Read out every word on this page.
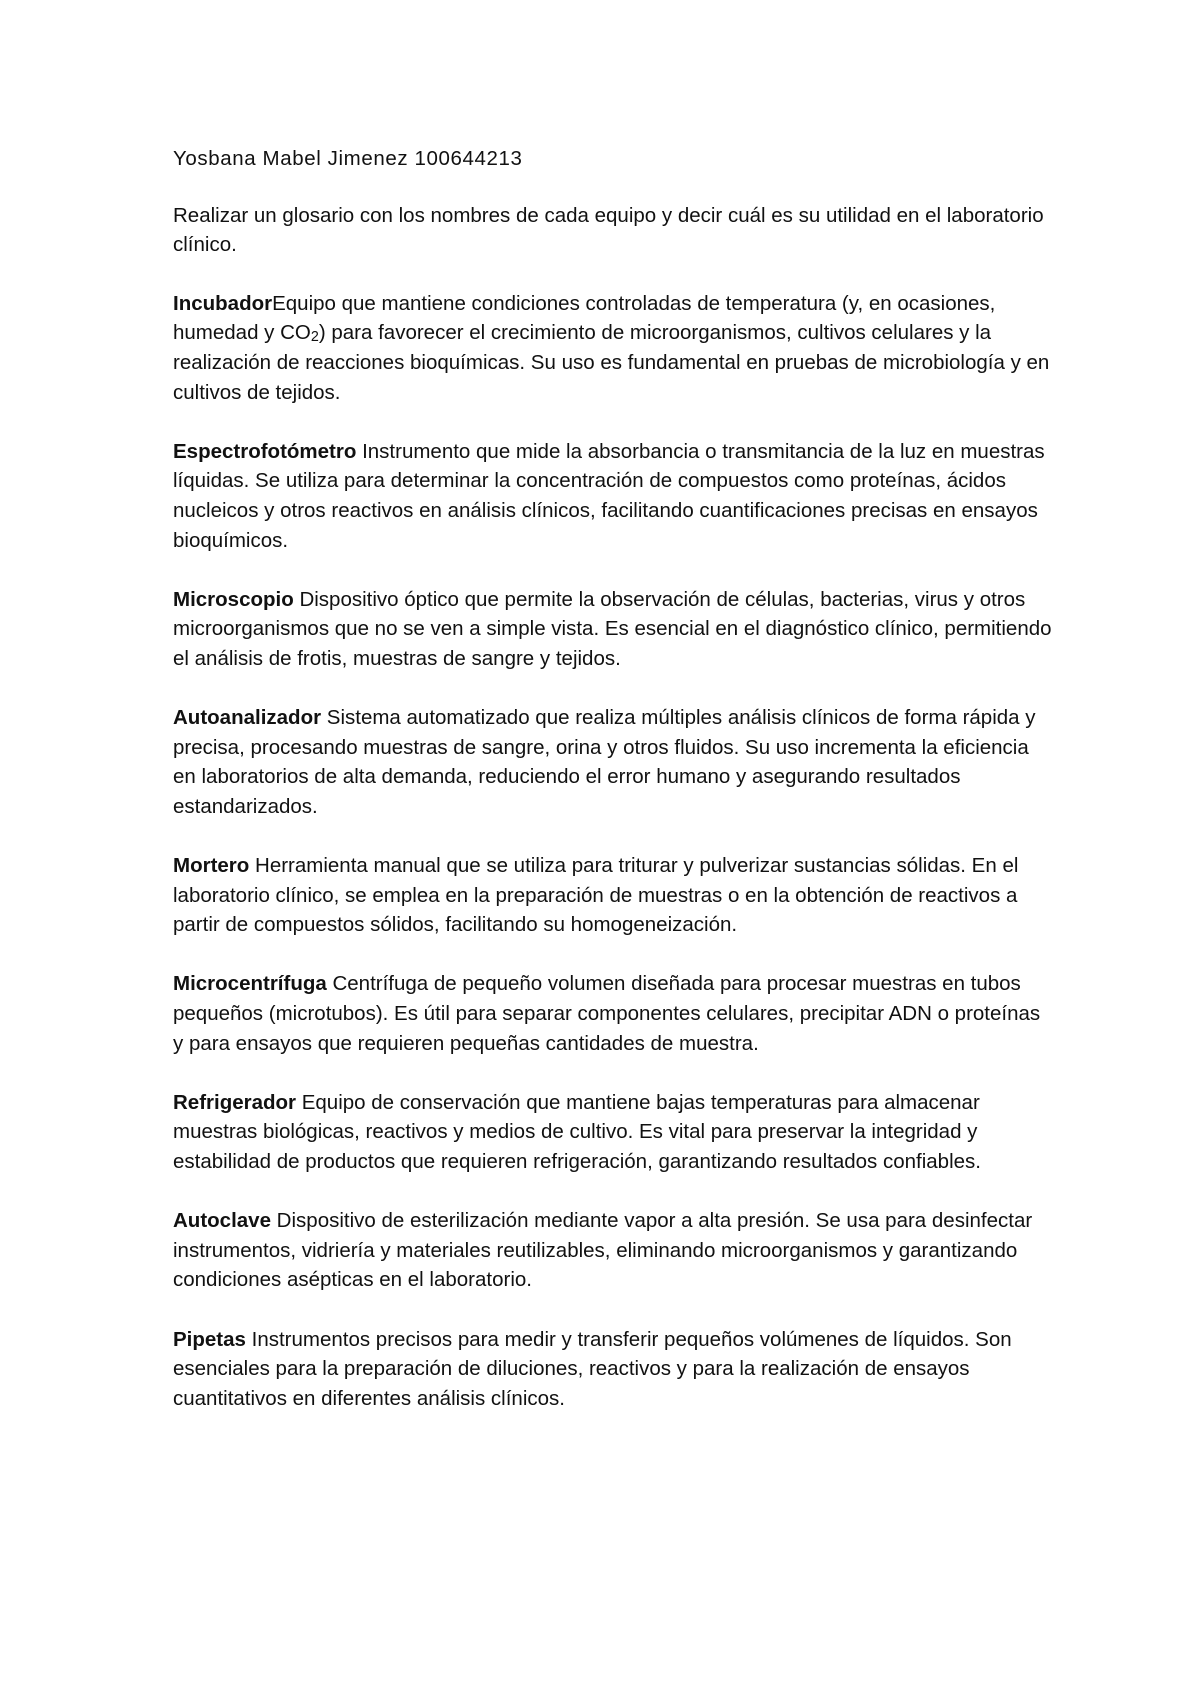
Yosbana Mabel Jimenez 100644213

Realizar un glosario con los nombres de cada equipo y decir cuál es su utilidad en el laboratorio clínico.

IncubadorEquipo que mantiene condiciones controladas de temperatura (y, en ocasiones, humedad y CO2) para favorecer el crecimiento de microorganismos, cultivos celulares y la realización de reacciones bioquímicas. Su uso es fundamental en pruebas de microbiología y en cultivos de tejidos.

Espectrofotómetro Instrumento que mide la absorbancia o transmitancia de la luz en muestras líquidas. Se utiliza para determinar la concentración de compuestos como proteínas, ácidos nucleicos y otros reactivos en análisis clínicos, facilitando cuantificaciones precisas en ensayos bioquímicos.

Microscopio Dispositivo óptico que permite la observación de células, bacterias, virus y otros microorganismos que no se ven a simple vista. Es esencial en el diagnóstico clínico, permitiendo el análisis de frotis, muestras de sangre y tejidos.

Autoanalizador Sistema automatizado que realiza múltiples análisis clínicos de forma rápida y precisa, procesando muestras de sangre, orina y otros fluidos. Su uso incrementa la eficiencia en laboratorios de alta demanda, reduciendo el error humano y asegurando resultados estandarizados.

Mortero Herramienta manual que se utiliza para triturar y pulverizar sustancias sólidas. En el laboratorio clínico, se emplea en la preparación de muestras o en la obtención de reactivos a partir de compuestos sólidos, facilitando su homogeneización.

Microcentrífuga Centrífuga de pequeño volumen diseñada para procesar muestras en tubos pequeños (microtubos). Es útil para separar componentes celulares, precipitar ADN o proteínas y para ensayos que requieren pequeñas cantidades de muestra.

Refrigerador Equipo de conservación que mantiene bajas temperaturas para almacenar muestras biológicas, reactivos y medios de cultivo. Es vital para preservar la integridad y estabilidad de productos que requieren refrigeración, garantizando resultados confiables.

Autoclave Dispositivo de esterilización mediante vapor a alta presión. Se usa para desinfectar instrumentos, vidriería y materiales reutilizables, eliminando microorganismos y garantizando condiciones asépticas en el laboratorio.

Pipetas Instrumentos precisos para medir y transferir pequeños volúmenes de líquidos. Son esenciales para la preparación de diluciones, reactivos y para la realización de ensayos cuantitativos en diferentes análisis clínicos.
